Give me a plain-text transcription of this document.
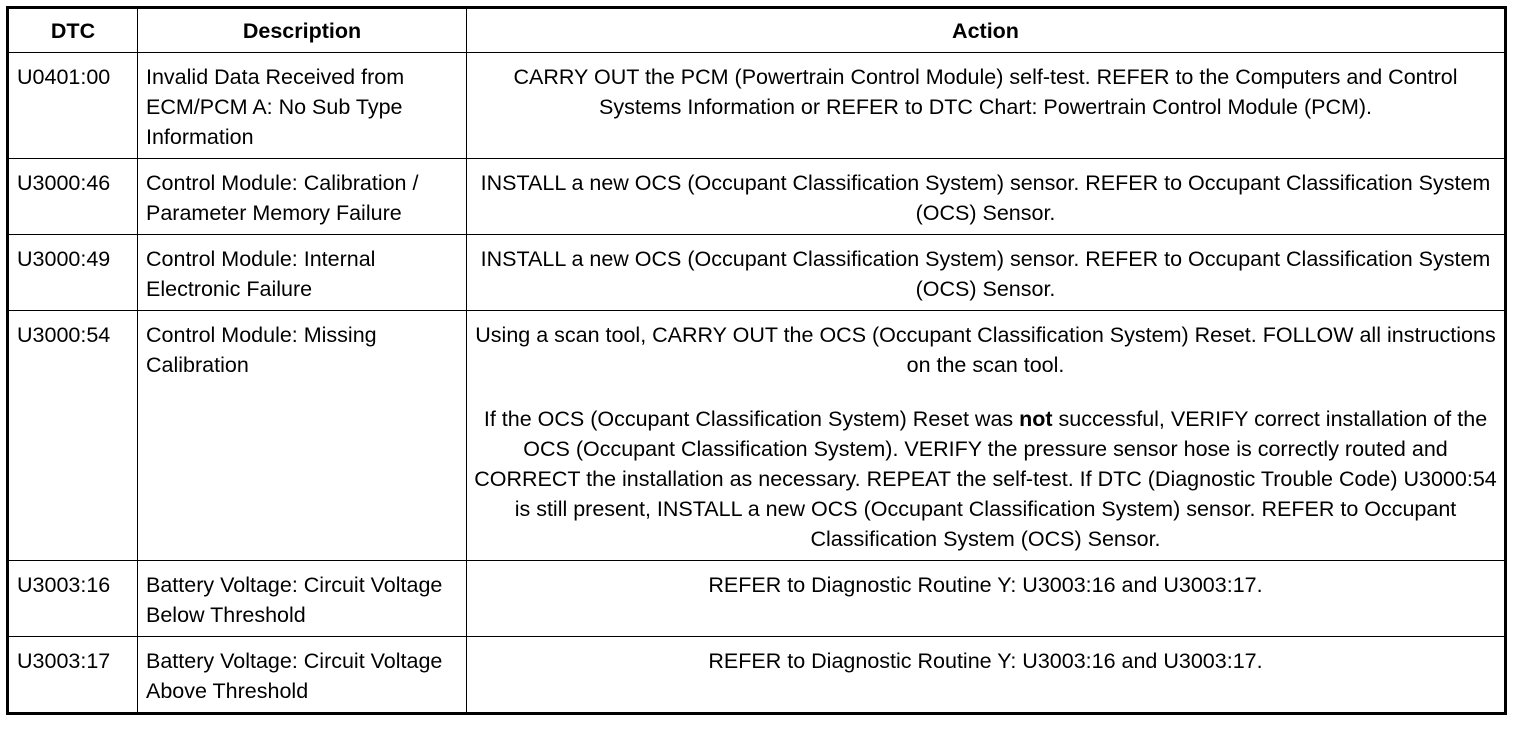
DTC	Description	Action
U0401:00	Invalid Data Received from ECM/PCM A: No Sub Type Information	CARRY OUT the PCM (Powertrain Control Module) self-test. REFER to the Computers and Control Systems Information or REFER to DTC Chart: Powertrain Control Module (PCM).

U3000:46	Control Module: Calibration / Parameter Memory Failure	INSTALL a new OCS (Occupant Classification System) sensor. REFER to Occupant Classification System (OCS) Sensor.

U3000:49	Control Module: Internal Electronic Failure	INSTALL a new OCS (Occupant Classification System) sensor. REFER to Occupant Classification System (OCS) Sensor.

U3000:54	Control Module: Missing Calibration	Using a scan tool, CARRY OUT the OCS (Occupant Classification System) Reset. FOLLOW all instructions on the scan tool.

If the OCS (Occupant Classification System) Reset was not successful, VERIFY correct installation of the OCS (Occupant Classification System). VERIFY the pressure sensor hose is correctly routed and CORRECT the installation as necessary. REPEAT the self-test. If DTC (Diagnostic Trouble Code) U3000:54 is still present, INSTALL a new OCS (Occupant Classification System) sensor. REFER to Occupant Classification System (OCS) Sensor.

U3003:16	Battery Voltage: Circuit Voltage Below Threshold	REFER to Diagnostic Routine Y: U3003:16 and U3003:17.

U3003:17	Battery Voltage: Circuit Voltage Above Threshold	REFER to Diagnostic Routine Y: U3003:16 and U3003:17.
